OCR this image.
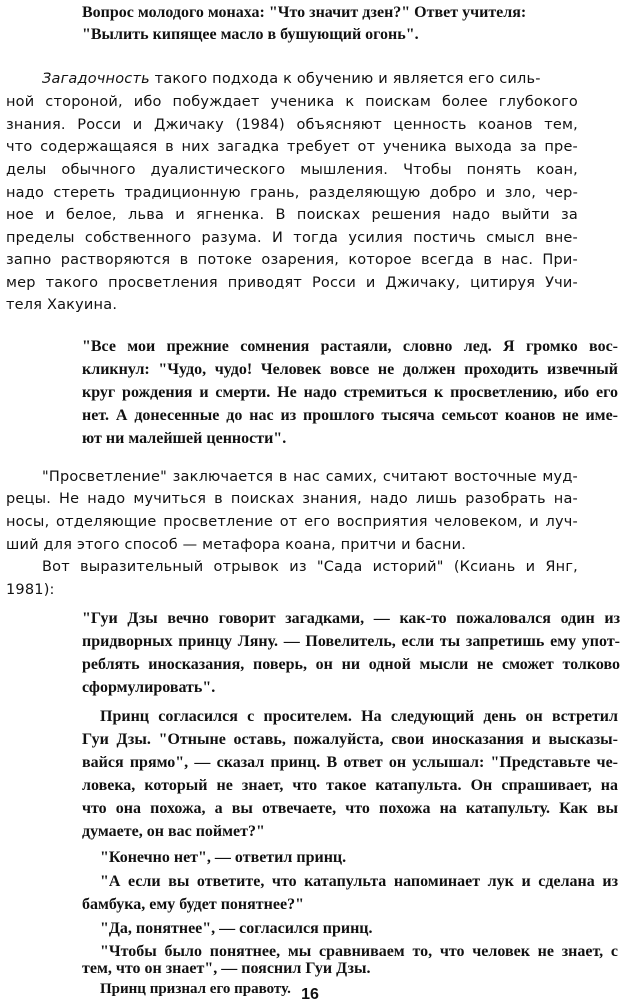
Вопрос молодого монаха: "Что значит дзен?" Ответ учителя:
"Вылить кипящее масло в бушующий огонь".
Загадочность такого подхода к обучению и является его силь-
ной стороной, ибо побуждает ученика к поискам более глубокого
знания. Росси и Джичаку (1984) объясняют ценность коанов тем,
что содержащаяся в них загадка требует от ученика выхода за пре-
делы обычного дуалистического мышления. Чтобы понять коан,
надо стереть традиционную грань, разделяющую добро и зло, чер-
ное и белое, льва и ягненка. В поисках решения надо выйти за
пределы собственного разума. И тогда усилия постичь смысл вне-
запно растворяются в потоке озарения, которое всегда в нас. При-
мер такого просветления приводят Росси и Джичаку, цитируя Учи-
теля Хакуина.
"Все мои прежние сомнения растаяли, словно лед. Я громко вос-
кликнул: "Чудо, чудо! Человек вовсе не должен проходить извечный
круг рождения и смерти. Не надо стремиться к просветлению, ибо его
нет. А донесенные до нас из прошлого тысяча семьсот коанов не име-
ют ни малейшей ценности".
"Просветление" заключается в нас самих, считают восточные муд-
рецы. Не надо мучиться в поисках знания, надо лишь разобрать на-
носы, отделяющие просветление от его восприятия человеком, и луч-
ший для этого способ — метафора коана, притчи и басни.
Вот выразительный отрывок из "Сада историй" (Ксиань и Янг,
1981):
"Гуи Дзы вечно говорит загадками, — как-то пожаловался один из
придворных принцу Ляну. — Повелитель, если ты запретишь ему упот-
реблять иносказания, поверь, он ни одной мысли не сможет толково
сформулировать".
Принц согласился с просителем. На следующий день он встретил
Гуи Дзы. "Отныне оставь, пожалуйста, свои иносказания и высказы-
вайся прямо", — сказал принц. В ответ он услышал: "Представьте че-
ловека, который не знает, что такое катапульта. Он спрашивает, на
что она похожа, а вы отвечаете, что похожа на катапульту. Как вы
думаете, он вас поймет?"
"Конечно нет", — ответил принц.
"А если вы ответите, что катапульта напоминает лук и сделана из
бамбука, ему будет понятнее?"
"Да, понятнее", — согласился принц.
"Чтобы было понятнее, мы сравниваем то, что человек не знает, с
16
тем, что он знает", — пояснил Гуи Дзы.
Принц признал его правоту.
